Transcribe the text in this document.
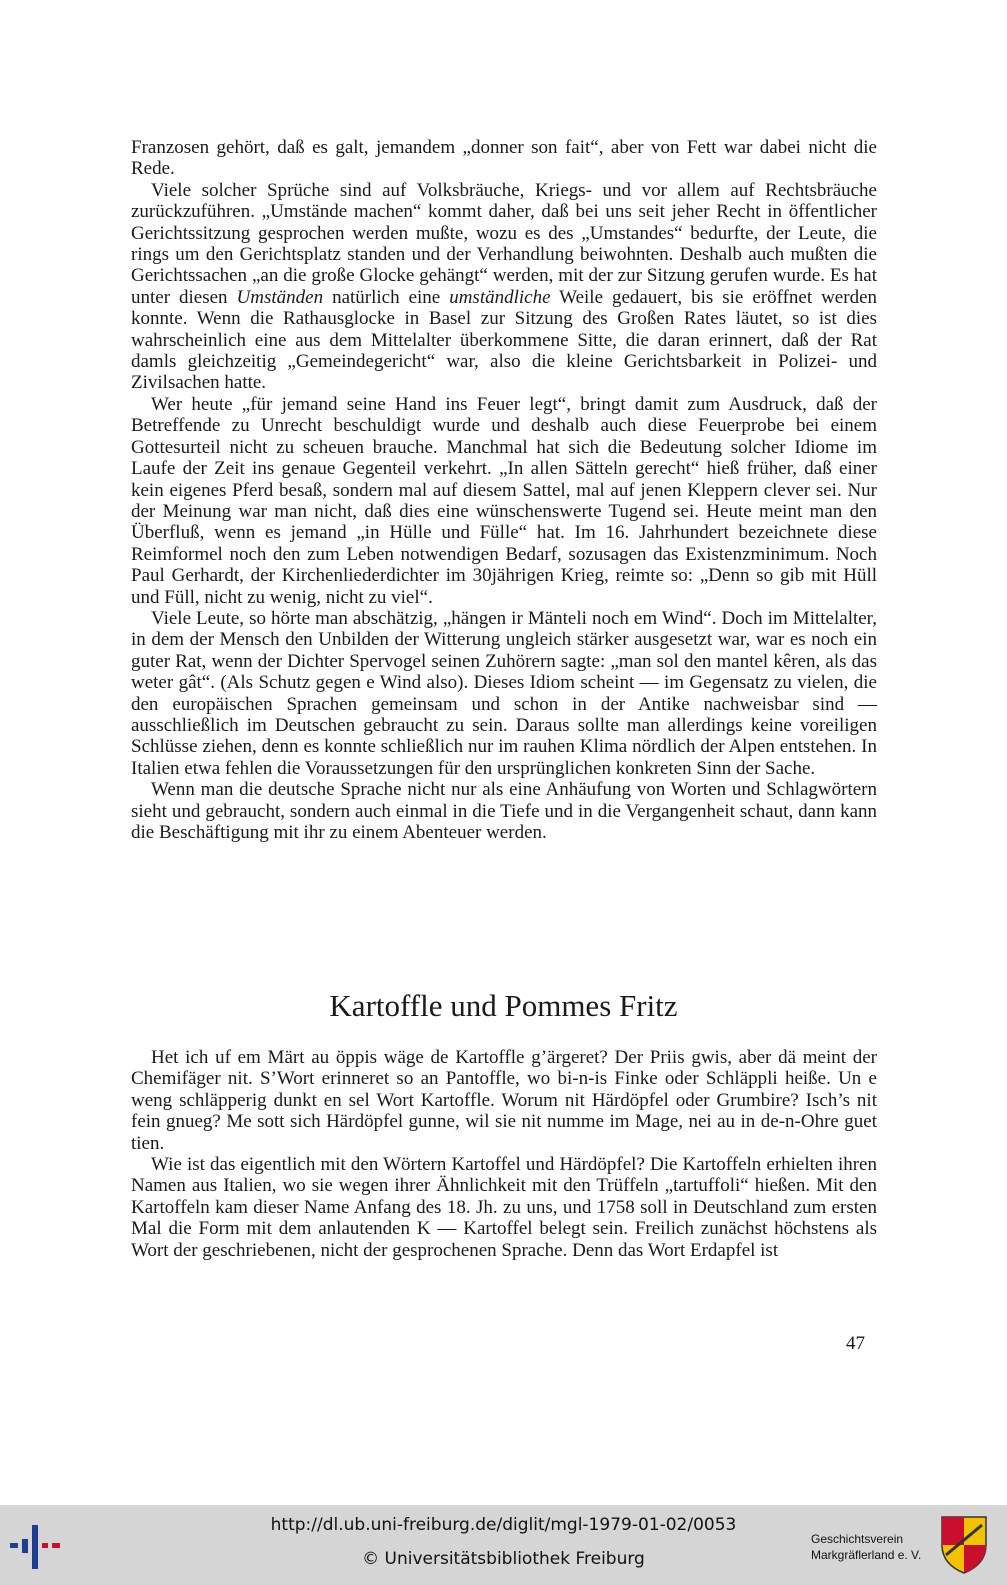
Franzosen gehört, daß es galt, jemandem „donner son fait“, aber von Fett war dabei nicht die Rede.

Viele solcher Sprüche sind auf Volksbräuche, Kriegs- und vor allem auf Rechtsbräuche zurückzuführen. „Umstände machen“ kommt daher, daß bei uns seit jeher Recht in öffentlicher Gerichtssitzung gesprochen werden mußte, wozu es des „Umstandes“ bedurfte, der Leute, die rings um den Gerichtsplatz standen und der Verhandlung beiwohnten. Deshalb auch mußten die Gerichtssachen „an die große Glocke gehängt“ werden, mit der zur Sitzung gerufen wurde. Es hat unter diesen Umständen natürlich eine umständliche Weile gedauert, bis sie eröffnet werden konnte. Wenn die Rathausglocke in Basel zur Sitzung des Großen Rates läutet, so ist dies wahrscheinlich eine aus dem Mittelalter überkommene Sitte, die daran erinnert, daß der Rat damls gleichzeitig „Gemeindegericht“ war, also die kleine Gerichtsbarkeit in Polizei- und Zivilsachen hatte.

Wer heute „für jemand seine Hand ins Feuer legt“, bringt damit zum Ausdruck, daß der Betreffende zu Unrecht beschuldigt wurde und deshalb auch diese Feuerprobe bei einem Gottesurteil nicht zu scheuen brauche. Manchmal hat sich die Bedeutung solcher Idiome im Laufe der Zeit ins genaue Gegenteil verkehrt. „In allen Sätteln gerecht“ hieß früher, daß einer kein eigenes Pferd besaß, sondern mal auf diesem Sattel, mal auf jenen Kleppern clever sei. Nur der Meinung war man nicht, daß dies eine wünschenswerte Tugend sei. Heute meint man den Überfluß, wenn es jemand „in Hülle und Fülle“ hat. Im 16. Jahrhundert bezeichnete diese Reimformel noch den zum Leben notwendigen Bedarf, sozusagen das Existenzminimum. Noch Paul Gerhardt, der Kirchenliederdichter im 30jährigen Krieg, reimte so: „Denn so gib mit Hüll und Füll, nicht zu wenig, nicht zu viel“.

Viele Leute, so hörte man abschätzig, „hängen ir Mänteli noch em Wind“. Doch im Mittelalter, in dem der Mensch den Unbilden der Witterung ungleich stärker ausgesetzt war, war es noch ein guter Rat, wenn der Dichter Spervogel seinen Zuhörern sagte: „man sol den mantel kêren, als das weter gât“. (Als Schutz gegen e Wind also). Dieses Idiom scheint — im Gegensatz zu vielen, die den europäischen Sprachen gemeinsam und schon in der Antike nachweisbar sind — ausschließlich im Deutschen gebraucht zu sein. Daraus sollte man allerdings keine voreiligen Schlüsse ziehen, denn es konnte schließlich nur im rauhen Klima nördlich der Alpen entstehen. In Italien etwa fehlen die Voraussetzungen für den ursprünglichen konkreten Sinn der Sache.

Wenn man die deutsche Sprache nicht nur als eine Anhäufung von Worten und Schlagwörtern sieht und gebraucht, sondern auch einmal in die Tiefe und in die Vergangenheit schaut, dann kann die Beschäftigung mit ihr zu einem Abenteuer werden.

Kartoffle und Pommes Fritz

Het ich uf em Märt au öppis wäge de Kartoffle g’ärgeret? Der Priis gwis, aber dä meint der Chemifäger nit. S’Wort erinneret so an Pantoffle, wo bi-n-is Finke oder Schläppli heiße. Un e weng schläpperig dunkt en sel Wort Kartoffle. Worum nit Härdöpfel oder Grumbire? Isch’s nit fein gnueg? Me sott sich Härdöpfel gunne, wil sie nit numme im Mage, nei au in de-n-Ohre guet tien.

Wie ist das eigentlich mit den Wörtern Kartoffel und Härdöpfel? Die Kartoffeln erhielten ihren Namen aus Italien, wo sie wegen ihrer Ähnlichkeit mit den Trüffeln „tartuffoli“ hießen. Mit den Kartoffeln kam dieser Name Anfang des 18. Jh. zu uns, und 1758 soll in Deutschland zum ersten Mal die Form mit dem anlautenden K — Kartoffel belegt sein. Freilich zunächst höchstens als Wort der geschriebenen, nicht der gesprochenen Sprache. Denn das Wort Erdapfel ist

47
http://dl.ub.uni-freiburg.de/diglit/mgl-1979-01-02/0053
© Universitätsbibliothek Freiburg
Geschichtsverein
Markgräflerland e. V.
